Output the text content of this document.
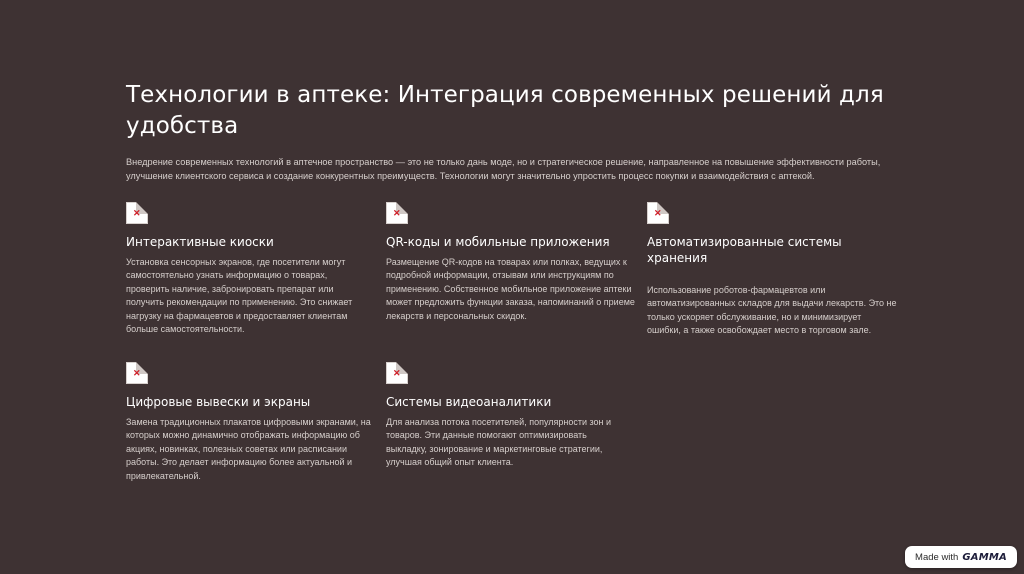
Технологии в аптеке: Интеграция современных решений для удобства
Внедрение современных технологий в аптечное пространство — это не только дань моде, но и стратегическое решение, направленное на повышение эффективности работы, улучшение клиентского сервиса и создание конкурентных преимуществ. Технологии могут значительно упростить процесс покупки и взаимодействия с аптекой.
✕
Интерактивные киоски
Установка сенсорных экранов, где посетители могут самостоятельно узнать информацию о товарах, проверить наличие, забронировать препарат или получить рекомендации по применению. Это снижает нагрузку на фармацевтов и предоставляет клиентам больше самостоятельности.
✕
QR-коды и мобильные приложения
Размещение QR-кодов на товарах или полках, ведущих к подробной информации, отзывам или инструкциям по применению. Собственное мобильное приложение аптеки может предложить функции заказа, напоминаний о приеме лекарств и персональных скидок.
✕
Автоматизированные системы хранения
Использование роботов-фармацевтов или автоматизированных складов для выдачи лекарств. Это не только ускоряет обслуживание, но и минимизирует ошибки, а также освобождает место в торговом зале.
✕
Цифровые вывески и экраны
Замена традиционных плакатов цифровыми экранами, на которых можно динамично отображать информацию об акциях, новинках, полезных советах или расписании работы. Это делает информацию более актуальной и привлекательной.
✕
Системы видеоаналитики
Для анализа потока посетителей, популярности зон и товаров. Эти данные помогают оптимизировать выкладку, зонирование и маркетинговые стратегии, улучшая общий опыт клиента.
Made with GAMMA
